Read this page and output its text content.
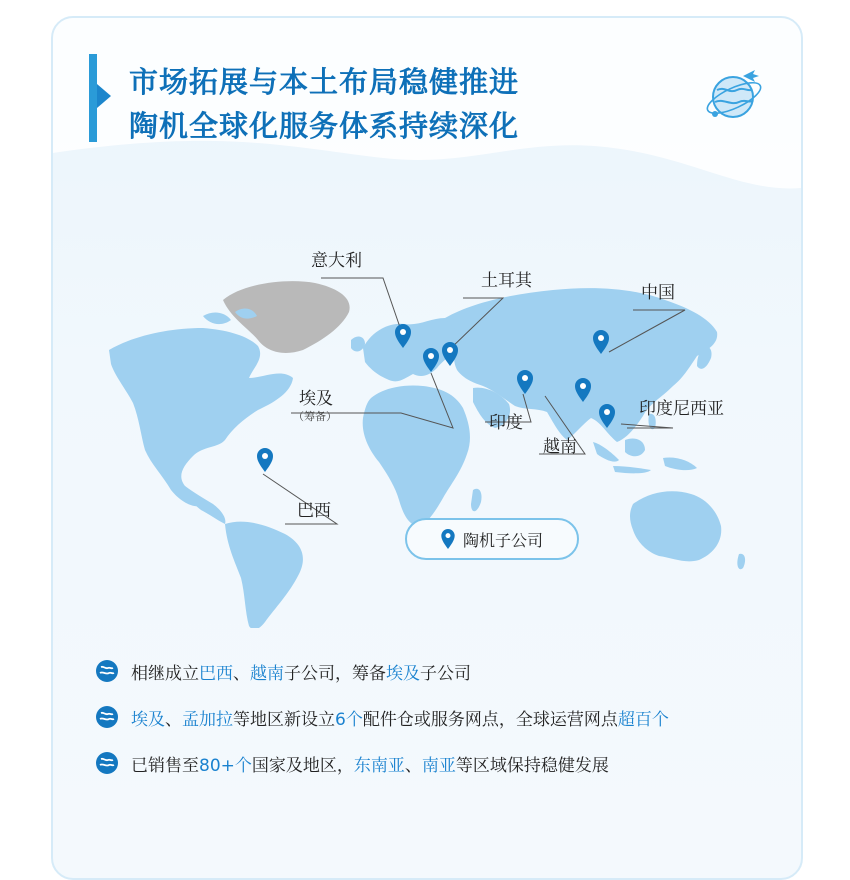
市场拓展与本土布局稳健推进
陶机全球化服务体系持续深化
意大利
土耳其
中国
埃及
（筹备）	印度
印度尼西亚
越南
巴西
陶机子公司
相继成立巴西、越南子公司，筹备埃及子公司
埃及、孟加拉等地区新设立6个配件仓或服务网点，全球运营网点超百个
已销售至80+个国家及地区，东南亚、南亚等区域保持稳健发展
